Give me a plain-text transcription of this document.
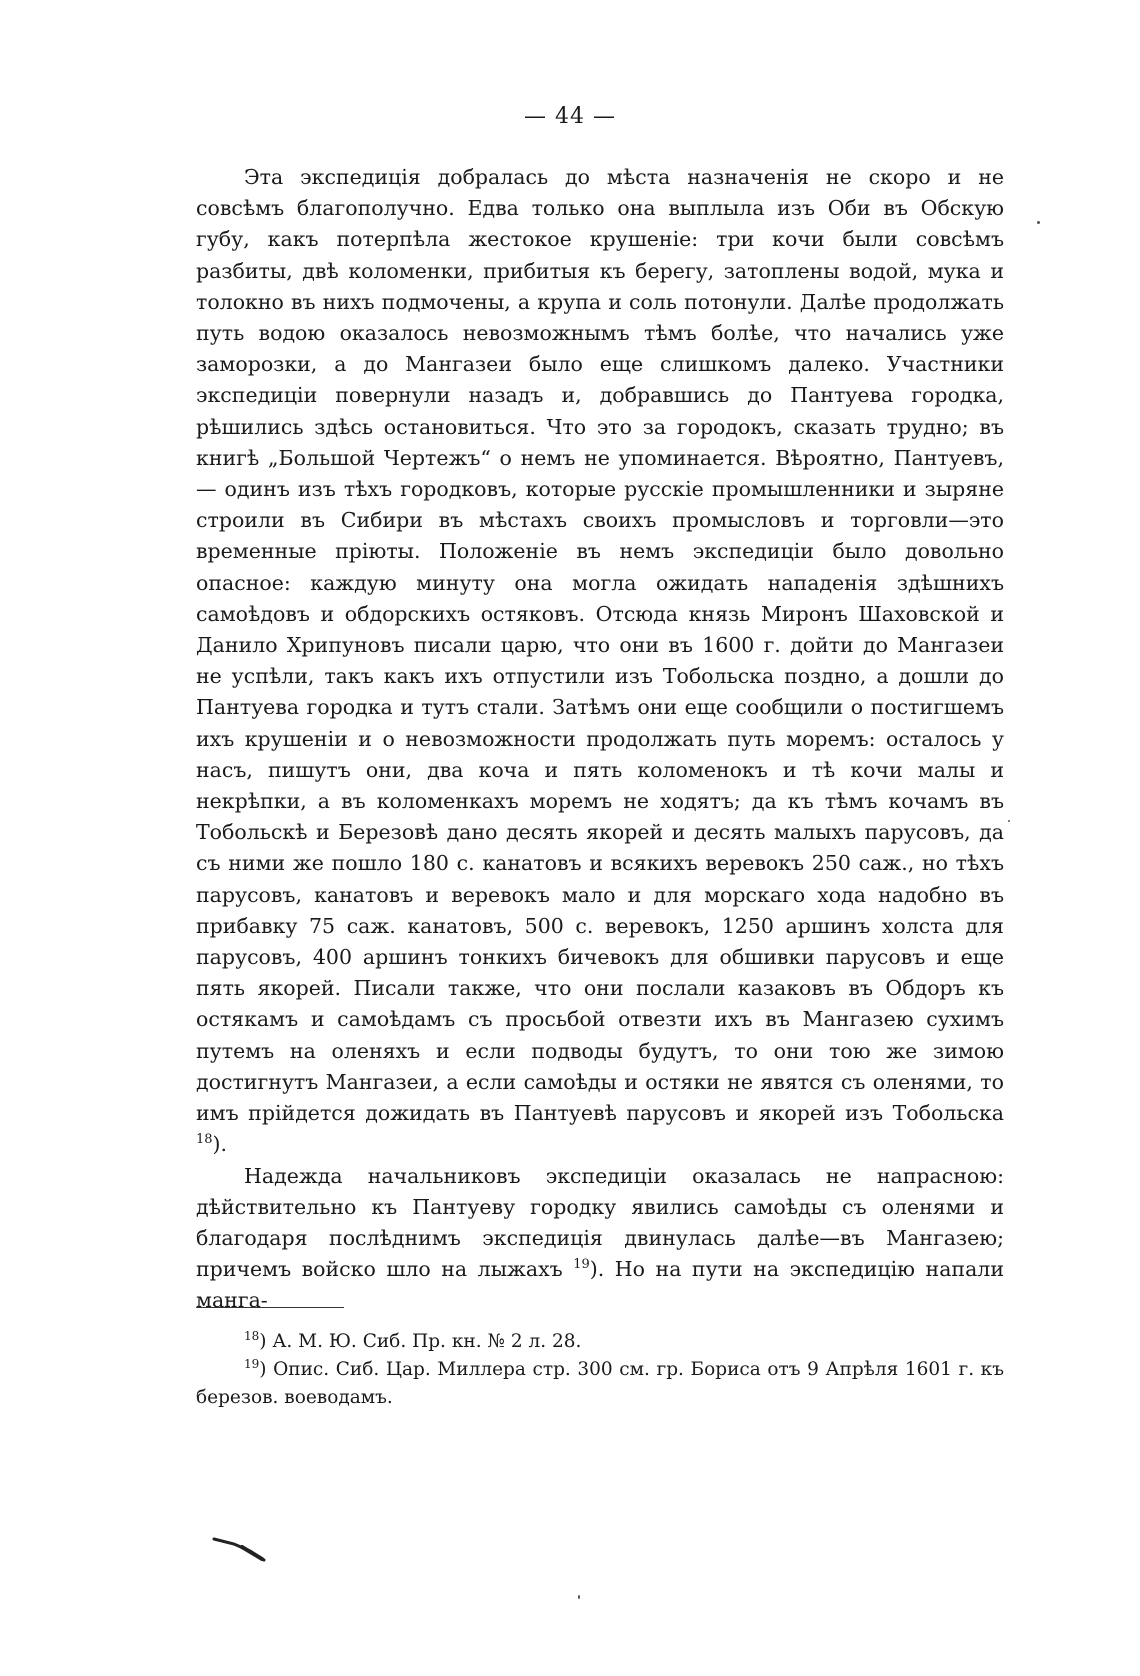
— 44 —

Эта экспедиція добралась до мѣста назначенія не скоро и не совсѣмъ благополучно. Едва только она выплыла изъ Оби въ Обскую губу, какъ потерпѣла жестокое крушеніе: три кочи были совсѣмъ разбиты, двѣ коломенки, прибитыя къ берегу, затоплены водой, мука и толокно въ нихъ подмочены, а крупа и соль потонули. Далѣе продолжать путь водою оказалось невозможнымъ тѣмъ болѣе, что начались уже заморозки, а до Мангазеи было еще слишкомъ далеко. Участники экспедиціи повернули назадъ и, добравшись до Пантуева городка, рѣшились здѣсь остановиться. Что это за городокъ, сказать трудно; въ книгѣ „Большой Чертежъ“ о немъ не упоминается. Вѣроятно, Пантуевъ,— одинъ изъ тѣхъ городковъ, которые русскіе промышленники и зыряне строили въ Сибири въ мѣстахъ своихъ промысловъ и торговли—это временные пріюты. Положеніе въ немъ экспедиціи было довольно опасное: каждую минуту она могла ожидать нападенія здѣшнихъ самоѣдовъ и обдорскихъ остяковъ. Отсюда князь Миронъ Шаховской и Данило Хрипуновъ писали царю, что они въ 1600 г. дойти до Мангазеи не успѣли, такъ какъ ихъ отпустили изъ Тобольска поздно, а дошли до Пантуева городка и тутъ стали. Затѣмъ они еще сообщили о постигшемъ ихъ крушеніи и о невозможности продолжать путь моремъ: осталось у насъ, пишутъ они, два коча и пять коломенокъ и тѣ кочи малы и некрѣпки, а въ коломенкахъ моремъ не ходятъ; да къ тѣмъ кочамъ въ Тобольскѣ и Березовѣ дано десять якорей и десять малыхъ парусовъ, да съ ними же пошло 180 с. канатовъ и всякихъ веревокъ 250 саж., но тѣхъ парусовъ, канатовъ и веревокъ мало и для морскаго хода надобно въ прибавку 75 саж. канатовъ, 500 с. веревокъ, 1250 аршинъ холста для парусовъ, 400 аршинъ тонкихъ бичевокъ для обшивки парусовъ и еще пять якорей. Писали также, что они послали казаковъ въ Обдоръ къ остякамъ и самоѣдамъ съ просьбой отвезти ихъ въ Мангазею сухимъ путемъ на оленяхъ и если подводы будутъ, то они тою же зимою достигнутъ Мангазеи, а если самоѣды и остяки не явятся съ оленями, то имъ прійдется дожидать въ Пантуевѣ парусовъ и якорей изъ Тобольска $^{18}$).

Надежда начальниковъ экспедиціи оказалась не напрасною: дѣйствительно къ Пантуеву городку явились самоѣды съ оленями и благодаря послѣднимъ экспедиція двинулась далѣе—въ Мангазею; причемъ войско шло на лыжахъ $^{19}$). Но на пути на экспедицію напали манга-

$^{18}$) А. М. Ю. Сиб. Пр. кн. № 2 л. 28.

$^{19}$) Опис. Сиб. Цар. Миллера стр. 300 см. гр. Бориса отъ 9 Апрѣля 1601 г. къ березов. воеводамъ.
